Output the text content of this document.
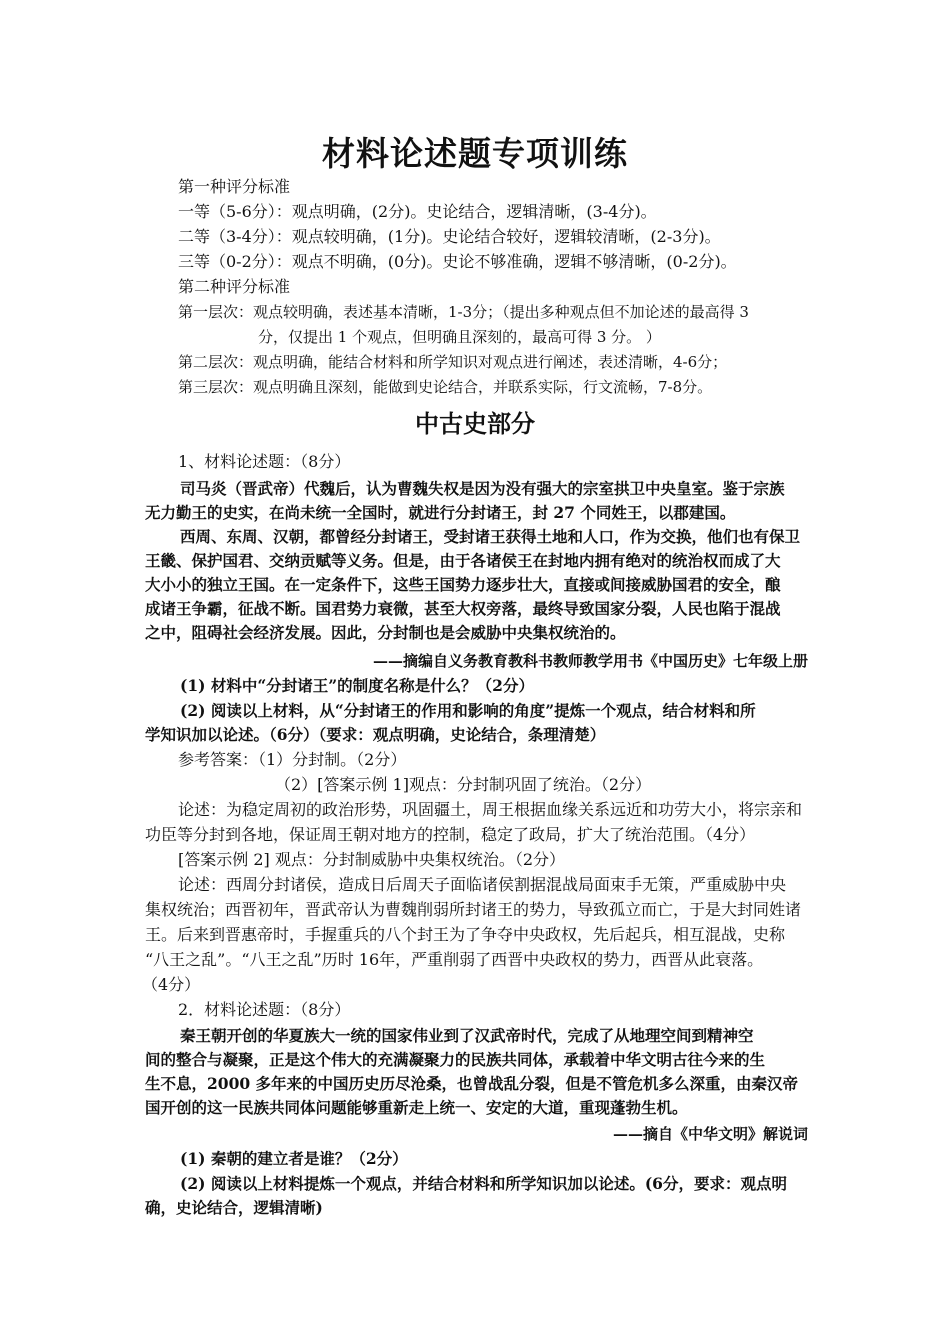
材料论述题专项训练
第一种评分标准
一等（5-6分）：观点明确，(2分)。史论结合，逻辑清晰，(3-4分)。
二等（3-4分）：观点较明确，(1分)。史论结合较好，逻辑较清晰，(2-3分)。
三等（0-2分）：观点不明确，(0分)。史论不够准确，逻辑不够清晰，(0-2分)。
第二种评分标准
第一层次：观点较明确，表述基本清晰，1-3分；（提出多种观点但不加论述的最高得 3
分，仅提出 1 个观点，但明确且深刻的，最高可得 3 分。 ）
第二层次：观点明确，能结合材料和所学知识对观点进行阐述，表述清晰，4-6分；
第三层次：观点明确且深刻，能做到史论结合，并联系实际，行文流畅，7-8分。
中古史部分
1、材料论述题：（8分）
司马炎（晋武帝）代魏后，认为曹魏失权是因为没有强大的宗室拱卫中央皇室。鉴于宗族
无力勤王的史实，在尚未统一全国时，就进行分封诸王，封 27 个同姓王，以郡建国。
西周、东周、汉朝，都曾经分封诸王，受封诸王获得土地和人口，作为交换，他们也有保卫
王畿、保护国君、交纳贡赋等义务。但是，由于各诸侯王在封地内拥有绝对的统治权而成了大
大小小的独立王国。在一定条件下，这些王国势力逐步壮大，直接或间接威胁国君的安全，酿
成诸王争霸，征战不断。国君势力衰微，甚至大权旁落，最终导致国家分裂，人民也陷于混战
之中，阻碍社会经济发展。因此，分封制也是会威胁中央集权统治的。
——摘编自义务教育教科书教师教学用书《中国历史》七年级上册
(1) 材料中“分封诸王”的制度名称是什么？（2分）
(2) 阅读以上材料，从“分封诸王的作用和影响的角度”提炼一个观点，结合材料和所
学知识加以论述。（6分）（要求：观点明确，史论结合，条理清楚）
参考答案：（1）分封制。（2分）
（2）[答案示例 1]观点：分封制巩固了统治。（2分）
论述：为稳定周初的政治形势，巩固疆土，周王根据血缘关系远近和功劳大小，将宗亲和
功臣等分封到各地，保证周王朝对地方的控制，稳定了政局，扩大了统治范围。（4分）
[答案示例 2] 观点：分封制威胁中央集权统治。（2分）
论述：西周分封诸侯，造成日后周天子面临诸侯割据混战局面束手无策，严重威胁中央
集权统治；西晋初年，晋武帝认为曹魏削弱所封诸王的势力，导致孤立而亡，于是大封同姓诸
王。后来到晋惠帝时，手握重兵的八个封王为了争夺中央政权，先后起兵，相互混战，史称
“八王之乱”。“八王之乱”历时 16年，严重削弱了西晋中央政权的势力，西晋从此衰落。
（4分）
2．材料论述题：（8分）
秦王朝开创的华夏族大一统的国家伟业到了汉武帝时代，完成了从地理空间到精神空
间的整合与凝聚，正是这个伟大的充满凝聚力的民族共同体，承载着中华文明古往今来的生
生不息，2000 多年来的中国历史历尽沧桑，也曾战乱分裂，但是不管危机多么深重，由秦汉帝
国开创的这一民族共同体问题能够重新走上统一、安定的大道，重现蓬勃生机。
——摘自《中华文明》解说词
(1) 秦朝的建立者是谁？（2分）
(2) 阅读以上材料提炼一个观点，并结合材料和所学知识加以论述。(6分，要求：观点明
确，史论结合，逻辑清晰)
